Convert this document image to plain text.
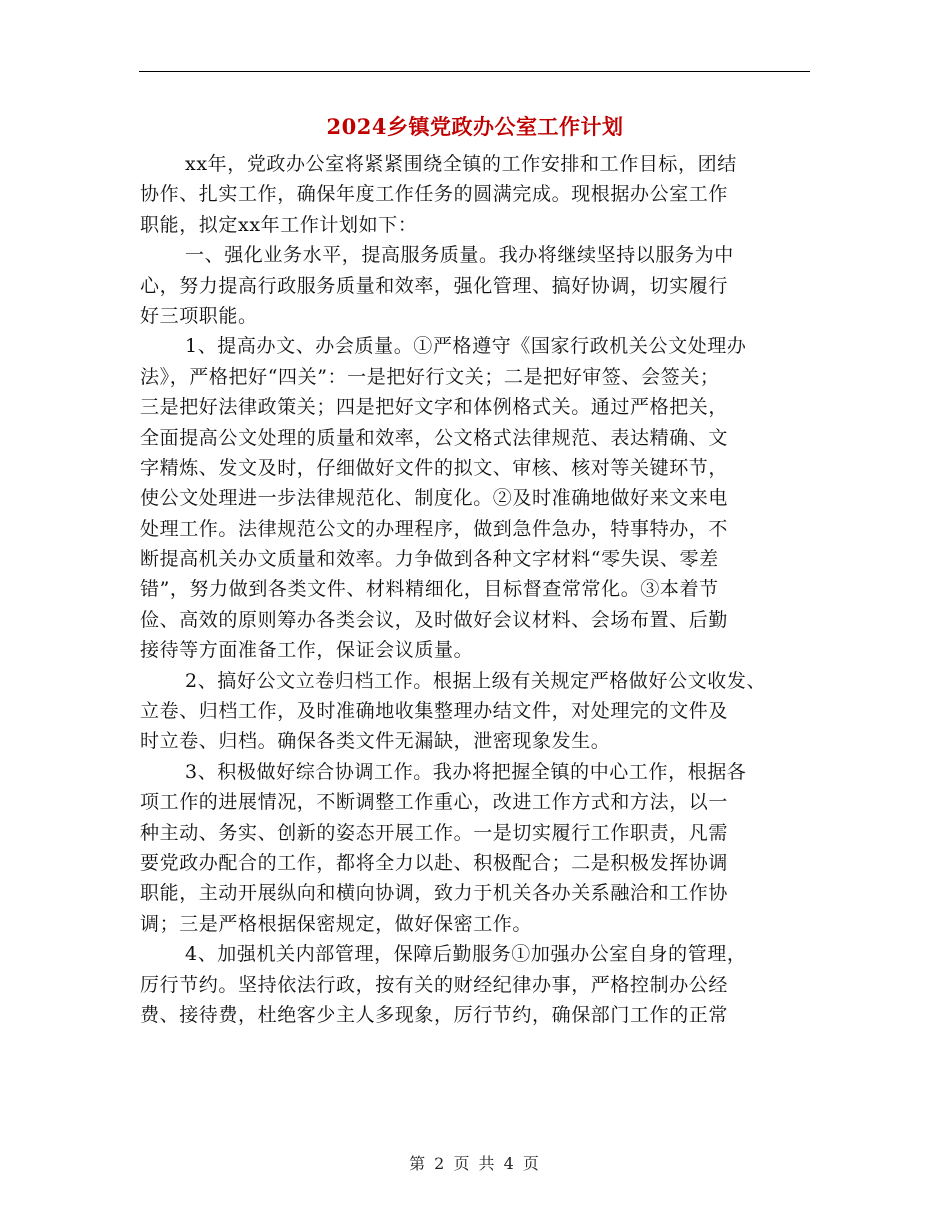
2024乡镇党政办公室工作计划
xx年，党政办公室将紧紧围绕全镇的工作安排和工作目标，团结
协作、扎实工作，确保年度工作任务的圆满完成。现根据办公室工作
职能，拟定xx年工作计划如下：
一、强化业务水平，提高服务质量。我办将继续坚持以服务为中
心，努力提高行政服务质量和效率，强化管理、搞好协调，切实履行
好三项职能。
1、提高办文、办会质量。①严格遵守《国家行政机关公文处理办
法》，严格把好“四关”：一是把好行文关；二是把好审签、会签关；
三是把好法律政策关；四是把好文字和体例格式关。通过严格把关，
全面提高公文处理的质量和效率，公文格式法律规范、表达精确、文
字精炼、发文及时，仔细做好文件的拟文、审核、核对等关键环节，
使公文处理进一步法律规范化、制度化。②及时准确地做好来文来电
处理工作。法律规范公文的办理程序，做到急件急办，特事特办，不
断提高机关办文质量和效率。力争做到各种文字材料“零失误、零差
错”，努力做到各类文件、材料精细化，目标督查常常化。③本着节
俭、高效的原则筹办各类会议，及时做好会议材料、会场布置、后勤
接待等方面准备工作，保证会议质量。
2、搞好公文立卷归档工作。根据上级有关规定严格做好公文收发、
立卷、归档工作，及时准确地收集整理办结文件，对处理完的文件及
时立卷、归档。确保各类文件无漏缺，泄密现象发生。
3、积极做好综合协调工作。我办将把握全镇的中心工作，根据各
项工作的进展情况，不断调整工作重心，改进工作方式和方法，以一
种主动、务实、创新的姿态开展工作。一是切实履行工作职责，凡需
要党政办配合的工作，都将全力以赴、积极配合；二是积极发挥协调
职能，主动开展纵向和横向协调，致力于机关各办关系融洽和工作协
调；三是严格根据保密规定，做好保密工作。
4、加强机关内部管理，保障后勤服务①加强办公室自身的管理，
厉行节约。坚持依法行政，按有关的财经纪律办事，严格控制办公经
费、接待费，杜绝客少主人多现象，厉行节约，确保部门工作的正常
第 2 页 共 4 页
